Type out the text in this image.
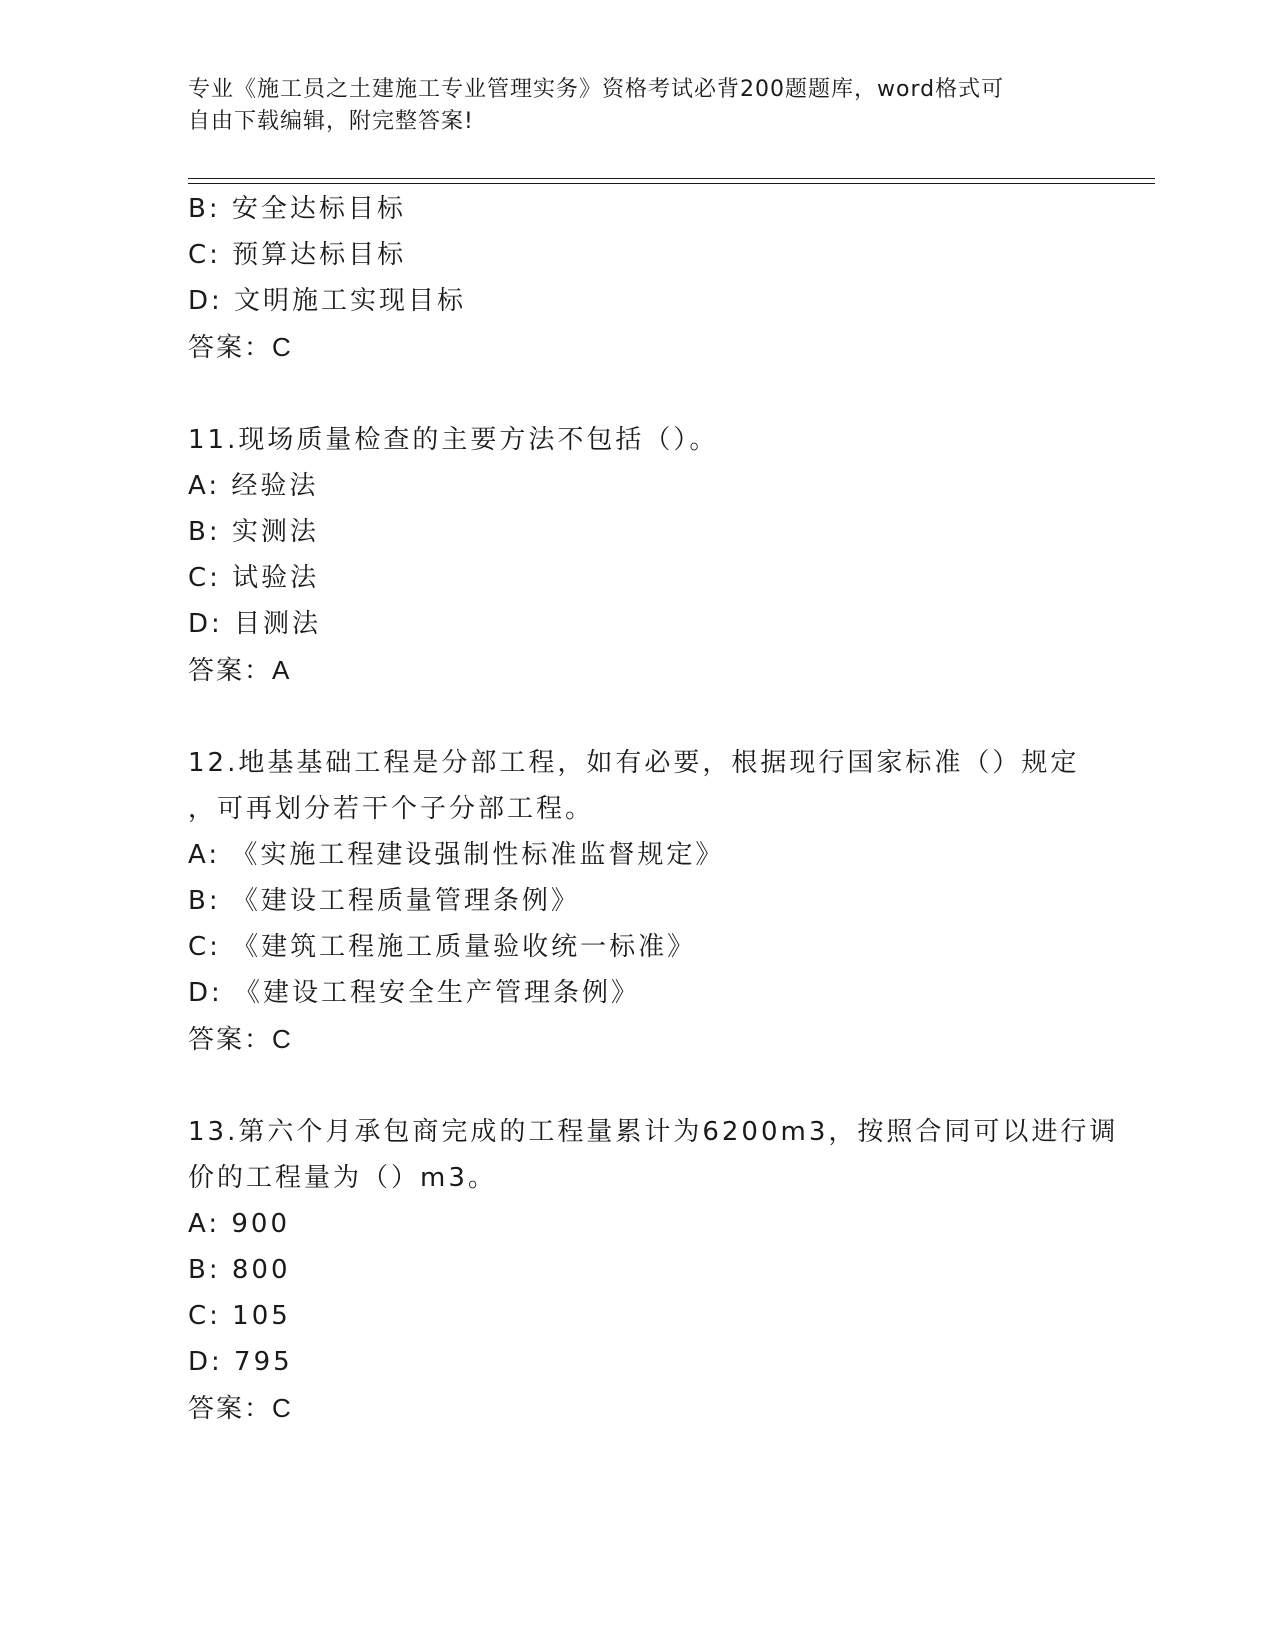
专业《施工员之土建施工专业管理实务》资格考试必背200题题库，word格式可
自由下载编辑，附完整答案!
B: 安全达标目标
C: 预算达标目标
D: 文明施工实现目标
答案：C
11.现场质量检查的主要方法不包括（）。
A: 经验法
B: 实测法
C: 试验法
D: 目测法
答案：A
12.地基基础工程是分部工程，如有必要，根据现行国家标准（）规定
，可再划分若干个子分部工程。
A: 《实施工程建设强制性标准监督规定》
B: 《建设工程质量管理条例》
C: 《建筑工程施工质量验收统一标准》
D: 《建设工程安全生产管理条例》
答案：C
13.第六个月承包商完成的工程量累计为6200m3，按照合同可以进行调
价的工程量为（）m3。
A: 900
B: 800
C: 105
D: 795
答案：C
